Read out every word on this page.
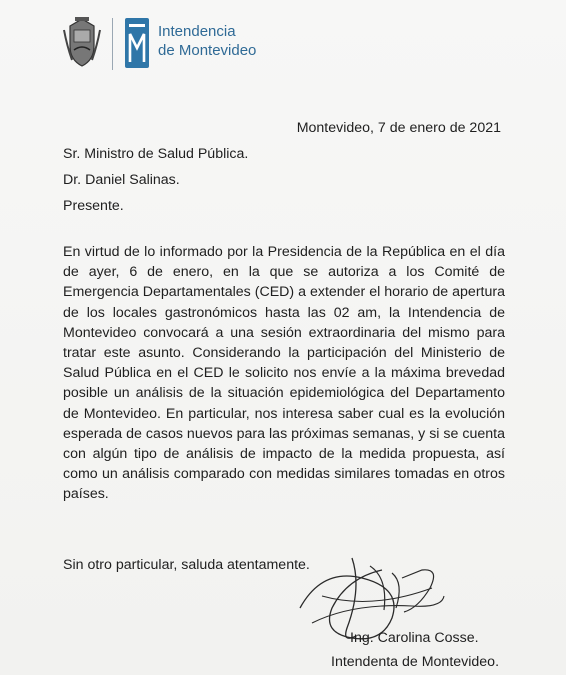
Intendencia
de Montevideo
Montevideo, 7 de enero de 2021
Sr. Ministro de Salud Pública.
Dr. Daniel Salinas.
Presente.
En virtud de lo informado por la Presidencia de la República en el día de ayer, 6 de enero, en la que se autoriza a los Comité de Emergencia Departamentales (CED) a extender el horario de apertura de los locales gastronómicos hasta las 02 am, la Intendencia de Montevideo convocará a una sesión extraordinaria del mismo para tratar este asunto. Considerando la participación del Ministerio de Salud Pública en el CED le solicito nos envíe a la máxima brevedad posible un análisis de la situación epidemiológica del Departamento de Montevideo. En particular, nos interesa saber cual es la evolución esperada de casos nuevos para las próximas semanas, y si se cuenta con algún tipo de análisis de impacto de la medida propuesta, así como un análisis comparado con medidas similares tomadas en otros países.
Sin otro particular, saluda atentamente.
Ing. Carolina Cosse.
Intendenta de Montevideo.
